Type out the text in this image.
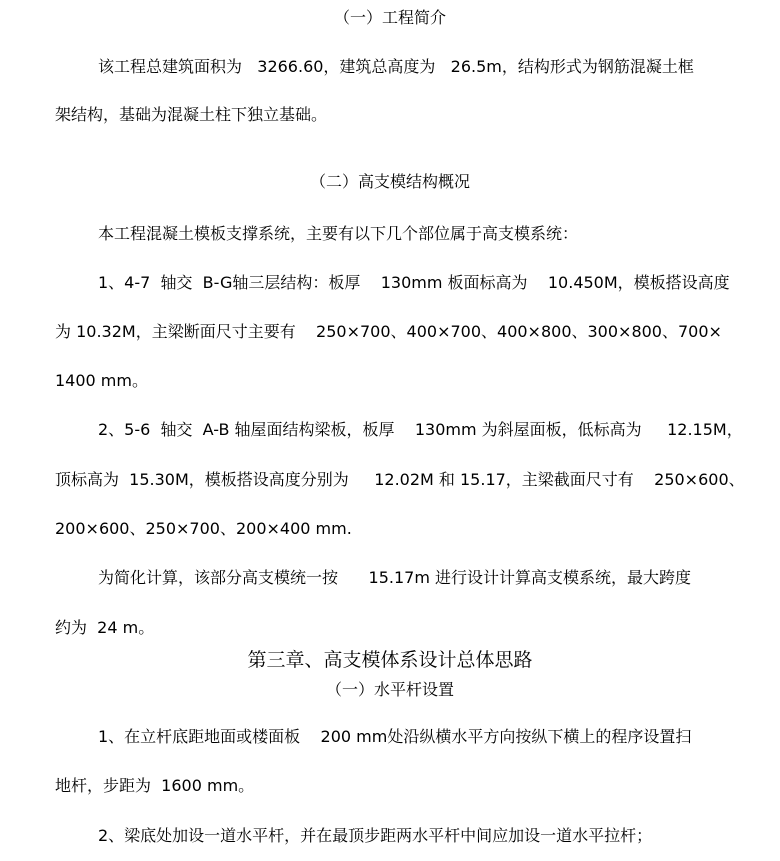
（一）工程简介
该工程总建筑面积为   3266.60，建筑总高度为   26.5m，结构形式为钢筋混凝土框
架结构，基础为混凝土柱下独立基础。
（二）高支模结构概况
本工程混凝土模板支撑系统，主要有以下几个部位属于高支模系统：
1、4-7  轴交  B-G轴三层结构：板厚    130mm 板面标高为    10.450M，模板搭设高度
为 10.32M，主梁断面尺寸主要有    250×700、400×700、400×800、300×800、700×
1400 mm。
2、5-6  轴交  A-B 轴屋面结构梁板，板厚    130mm 为斜屋面板，低标高为     12.15M，
顶标高为  15.30M，模板搭设高度分别为     12.02M 和 15.17，主梁截面尺寸有    250×600、
200×600、250×700、200×400 mm.
为简化计算，该部分高支模统一按      15.17m 进行设计计算高支模系统，最大跨度
约为  24 m。
第三章、高支模体系设计总体思路
（一）水平杆设置
1、在立杆底距地面或楼面板    200 mm处沿纵横水平方向按纵下横上的程序设置扫
地杆，步距为  1600 mm。
2、梁底处加设一道水平杆，并在最顶步距两水平杆中间应加设一道水平拉杆；
